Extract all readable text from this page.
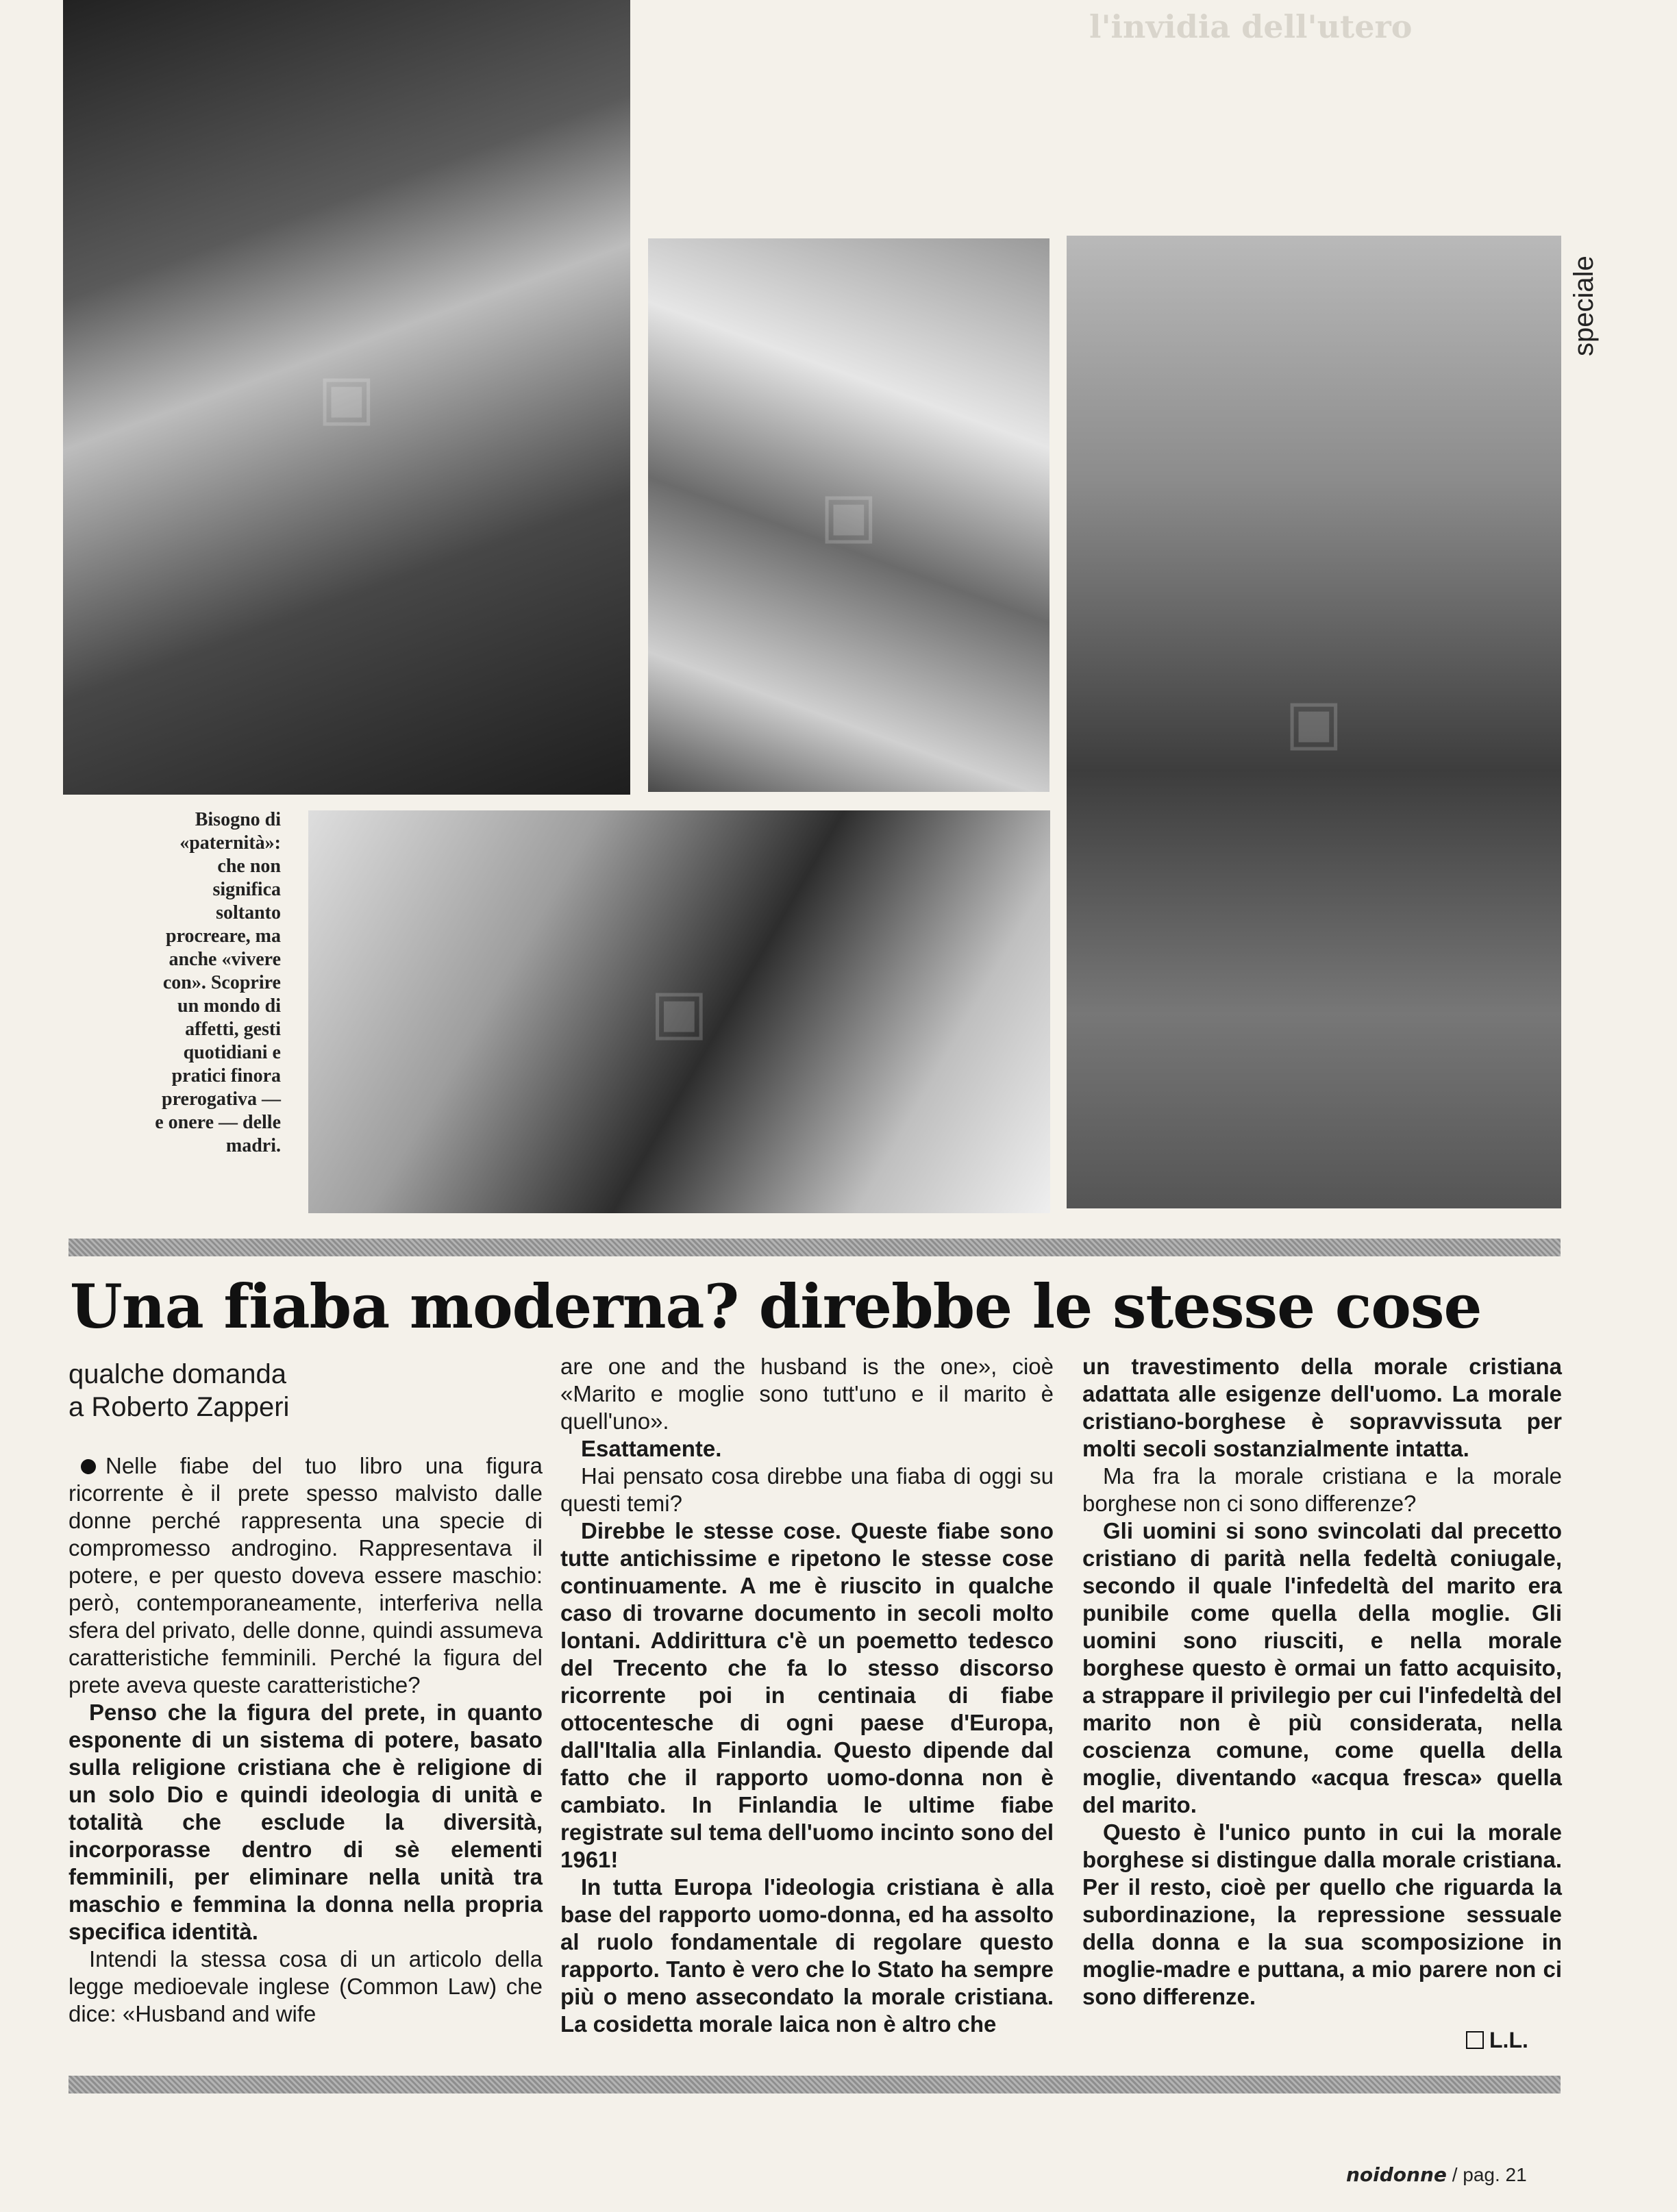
l'invidia dell'utero
▣
▣
▣
▣
Bisogno di «paternità»: che non significa soltanto procreare, ma anche «vivere con». Scoprire un mondo di affetti, gesti quotidiani e pratici finora prerogativa — e onere — delle madri.
speciale
Una fiaba moderna? direbbe le stesse cose
qualche domanda
a Roberto Zapperi

Nelle fiabe del tuo libro una figura ricorrente è il prete spesso malvisto dalle donne perché rappresenta una specie di compromesso androgino. Rappresentava il potere, e per questo doveva essere maschio: però, contemporaneamente, interferiva nella sfera del privato, delle donne, quindi assumeva caratteristiche femminili. Perché la figura del prete aveva queste caratteristiche?

Penso che la figura del prete, in quanto esponente di un sistema di potere, basato sulla religione cristiana che è religione di un solo Dio e quindi ideologia di unità e totalità che esclude la diversità, incorporasse dentro di sè elementi femminili, per eliminare nella unità tra maschio e femmina la donna nella propria specifica identità.

Intendi la stessa cosa di un articolo della legge medioevale inglese (Common Law) che dice: «Husband and wife

are one and the husband is the one», cioè «Marito e moglie sono tutt'uno e il marito è quell'uno».

Esattamente.

Hai pensato cosa direbbe una fiaba di oggi su questi temi?

Direbbe le stesse cose. Queste fiabe sono tutte antichissime e ripetono le stesse cose continuamente. A me è riuscito in qualche caso di trovarne documento in secoli molto lontani. Addirittura c'è un poemetto tedesco del Trecento che fa lo stesso discorso ricorrente poi in centinaia di fiabe ottocentesche di ogni paese d'Europa, dall'Italia alla Finlandia. Questo dipende dal fatto che il rapporto uomo-donna non è cambiato. In Finlandia le ultime fiabe registrate sul tema dell'uomo incinto sono del 1961!

In tutta Europa l'ideologia cristiana è alla base del rapporto uomo-donna, ed ha assolto al ruolo fondamentale di regolare questo rapporto. Tanto è vero che lo Stato ha sempre più o meno assecondato la morale cristiana. La cosidetta morale laica non è altro che

un travestimento della morale cristiana adattata alle esigenze dell'uomo. La morale cristiano-borghese è sopravvissuta per molti secoli sostanzialmente intatta.

Ma fra la morale cristiana e la morale borghese non ci sono differenze?

Gli uomini si sono svincolati dal precetto cristiano di parità nella fedeltà coniugale, secondo il quale l'infedeltà del marito era punibile come quella della moglie. Gli uomini sono riusciti, e nella morale borghese questo è ormai un fatto acquisito, a strappare il privilegio per cui l'infedeltà del marito non è più considerata, nella coscienza comune, come quella della moglie, diventando «acqua fresca» quella del marito.

Questo è l'unico punto in cui la morale borghese si distingue dalla morale cristiana. Per il resto, cioè per quello che riguarda la subordinazione, la repressione sessuale della donna e la sua scomposizione in moglie-madre e puttana, a mio parere non ci sono differenze.

L.L.
noidonne / pag. 21
